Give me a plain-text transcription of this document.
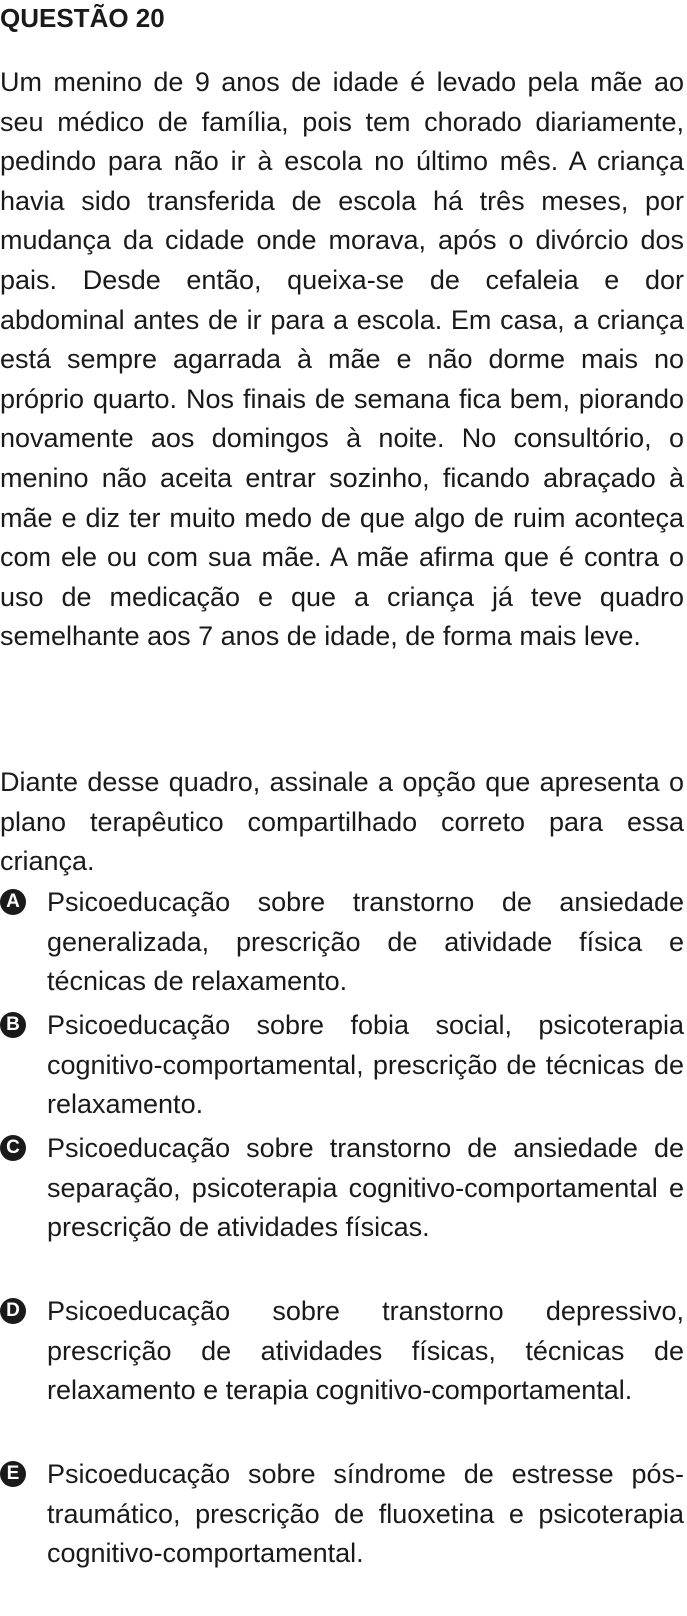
QUESTÃO 20
Um menino de 9 anos de idade é levado pela mãe ao seu médico de família, pois tem chorado diariamente, pedindo para não ir à escola no último mês. A criança havia sido transferida de escola há três meses, por mudança da cidade onde morava, após o divórcio dos pais. Desde então, queixa-se de cefaleia e dor abdominal antes de ir para a escola. Em casa, a criança está sempre agarrada à mãe e não dorme mais no próprio quarto. Nos finais de semana fica bem, piorando novamente aos domingos à noite. No consultório, o menino não aceita entrar sozinho, ficando abraçado à mãe e diz ter muito medo de que algo de ruim aconteça com ele ou com sua mãe. A mãe afirma que é contra o uso de medicação e que a criança já teve quadro semelhante aos 7 anos de idade, de forma mais leve.
Diante desse quadro, assinale a opção que apresenta o plano terapêutico compartilhado correto para essa criança.
A Psicoeducação sobre transtorno de ansiedade generalizada, prescrição de atividade física e técnicas de relaxamento.
B Psicoeducação sobre fobia social, psicoterapia cognitivo-comportamental, prescrição de técnicas de relaxamento.
C Psicoeducação sobre transtorno de ansiedade de separação, psicoterapia cognitivo-comportamental e prescrição de atividades físicas.
D Psicoeducação sobre transtorno depressivo, prescrição de atividades físicas, técnicas de relaxamento e terapia cognitivo-comportamental.
E Psicoeducação sobre síndrome de estresse pós-traumático, prescrição de fluoxetina e psicoterapia cognitivo-comportamental.
